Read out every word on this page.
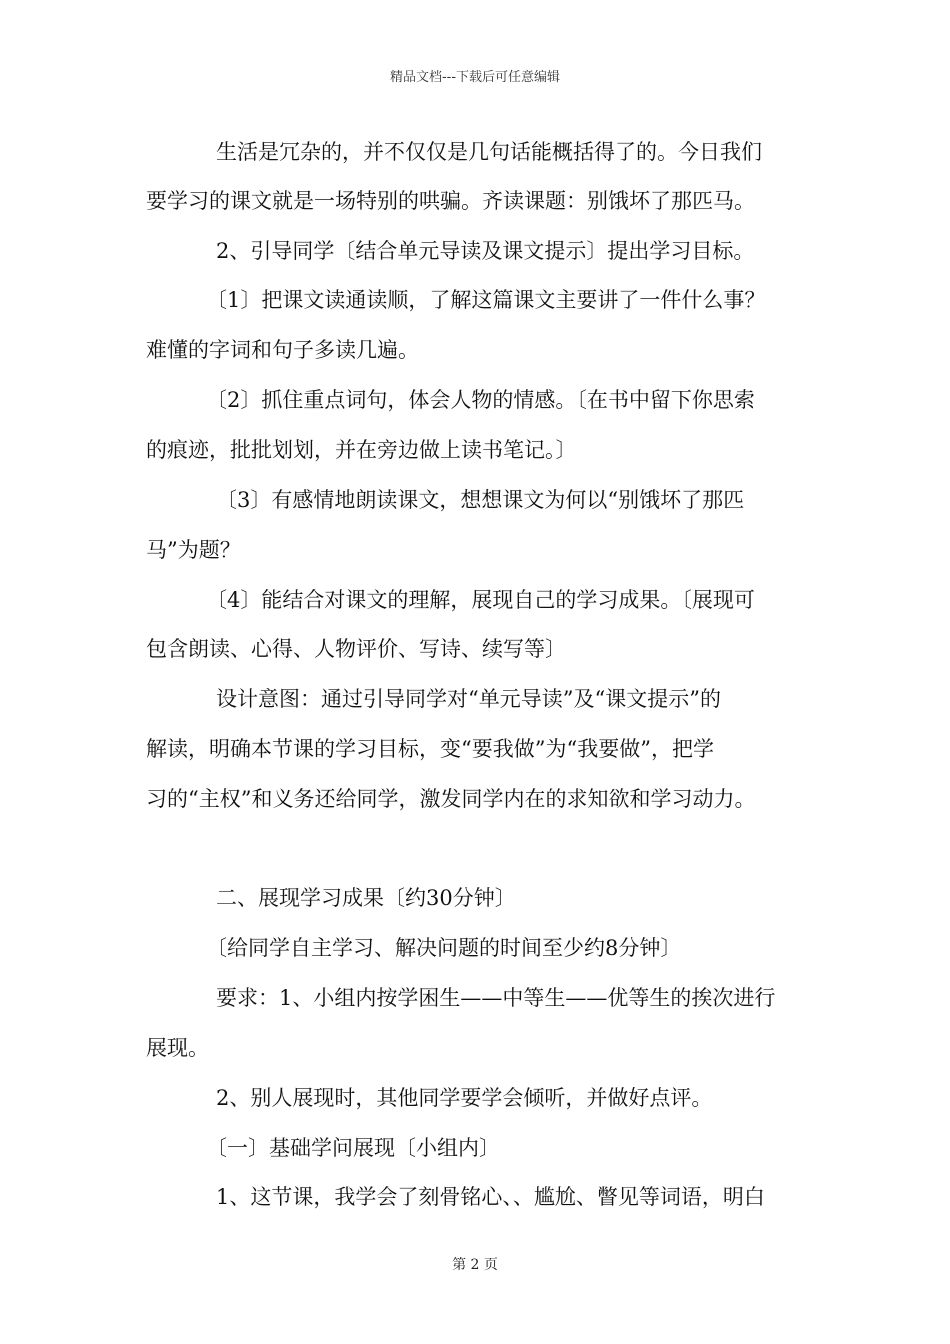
精品文档---下载后可任意编辑
生活是冗杂的，并不仅仅是几句话能概括得了的。今日我们
要学习的课文就是一场特别的哄骗。齐读课题：别饿坏了那匹马。
2、引导同学〔结合单元导读及课文提示〕提出学习目标。
〔1〕把课文读通读顺，了解这篇课文主要讲了一件什么事？
难懂的字词和句子多读几遍。
〔2〕抓住重点词句，体会人物的情感。〔在书中留下你思索
的痕迹，批批划划，并在旁边做上读书笔记。〕
〔3〕有感情地朗读课文，想想课文为何以“别饿坏了那匹
马”为题？
〔4〕能结合对课文的理解，展现自己的学习成果。〔展现可
包含朗读、心得、人物评价、写诗、续写等〕
设计意图：通过引导同学对“单元导读”及“课文提示”的
解读，明确本节课的学习目标，变“要我做”为“我要做”，把学
习的“主权”和义务还给同学，激发同学内在的求知欲和学习动力。
二、展现学习成果〔约30分钟〕
〔给同学自主学习、解决问题的时间至少约8分钟〕
要求：1、小组内按学困生——中等生——优等生的挨次进行
展现。
2、别人展现时，其他同学要学会倾听，并做好点评。
〔一〕基础学问展现〔小组内〕
1、这节课，我学会了刻骨铭心、、尴尬、瞥见等词语，明白
第 2 页
